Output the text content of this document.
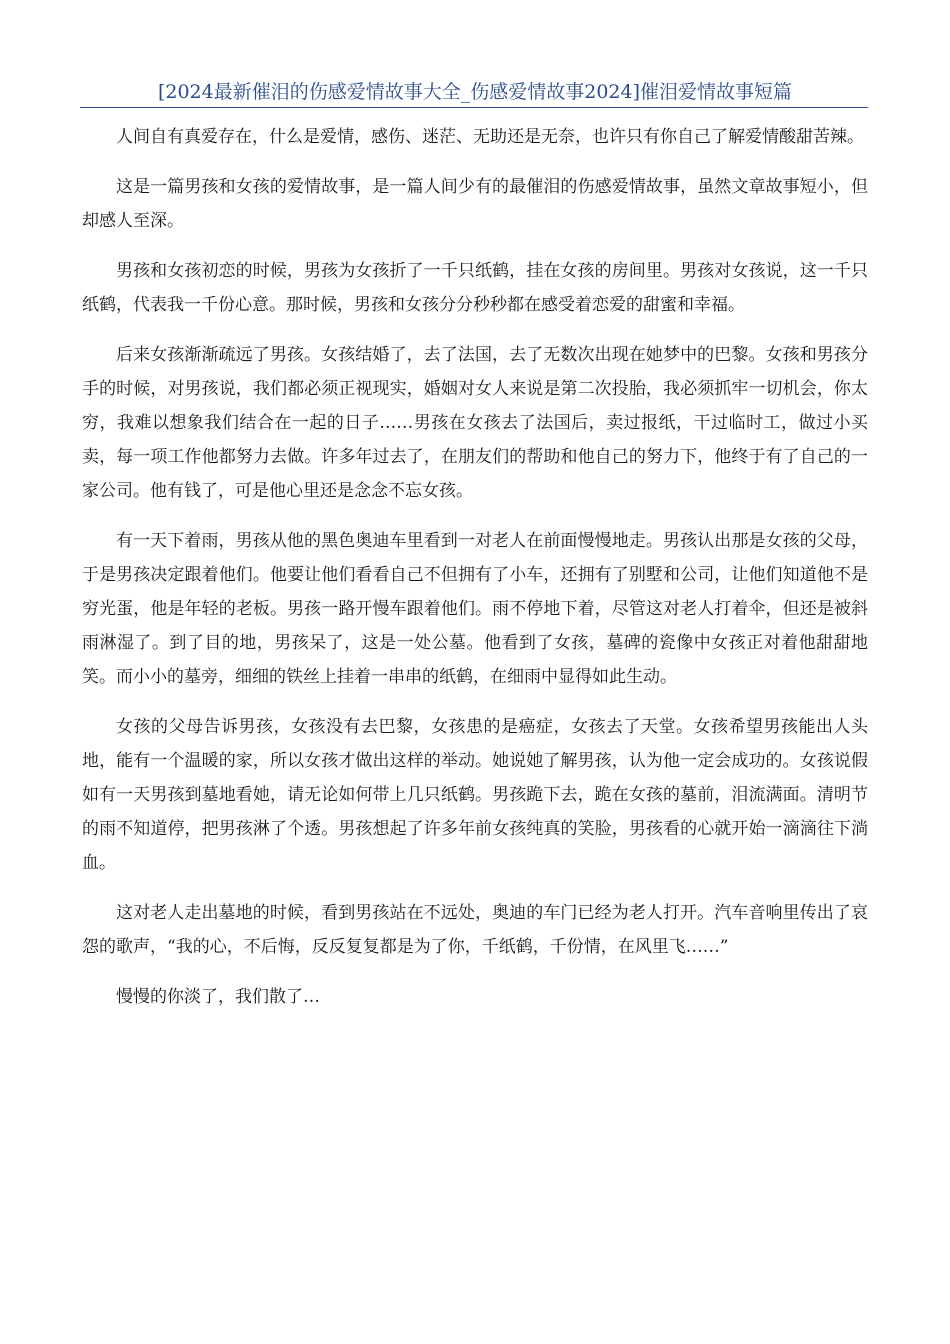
[2024最新催泪的伤感爱情故事大全_伤感爱情故事2024]催泪爱情故事短篇

人间自有真爱存在，什么是爱情，感伤、迷茫、无助还是无奈，也许只有你自己了解爱情酸甜苦辣。

这是一篇男孩和女孩的爱情故事，是一篇人间少有的最催泪的伤感爱情故事，虽然文章故事短小，但却感人至深。

男孩和女孩初恋的时候，男孩为女孩折了一千只纸鹤，挂在女孩的房间里。男孩对女孩说，这一千只纸鹤，代表我一千份心意。那时候，男孩和女孩分分秒秒都在感受着恋爱的甜蜜和幸福。

后来女孩渐渐疏远了男孩。女孩结婚了，去了法国，去了无数次出现在她梦中的巴黎。女孩和男孩分手的时候，对男孩说，我们都必须正视现实，婚姻对女人来说是第二次投胎，我必须抓牢一切机会，你太穷，我难以想象我们结合在一起的日子……男孩在女孩去了法国后，卖过报纸，干过临时工，做过小买卖，每一项工作他都努力去做。许多年过去了，在朋友们的帮助和他自己的努力下，他终于有了自己的一家公司。他有钱了，可是他心里还是念念不忘女孩。

有一天下着雨，男孩从他的黑色奥迪车里看到一对老人在前面慢慢地走。男孩认出那是女孩的父母，于是男孩决定跟着他们。他要让他们看看自己不但拥有了小车，还拥有了别墅和公司，让他们知道他不是穷光蛋，他是年轻的老板。男孩一路开慢车跟着他们。雨不停地下着，尽管这对老人打着伞，但还是被斜雨淋湿了。到了目的地，男孩呆了，这是一处公墓。他看到了女孩，墓碑的瓷像中女孩正对着他甜甜地笑。而小小的墓旁，细细的铁丝上挂着一串串的纸鹤，在细雨中显得如此生动。

女孩的父母告诉男孩，女孩没有去巴黎，女孩患的是癌症，女孩去了天堂。女孩希望男孩能出人头地，能有一个温暖的家，所以女孩才做出这样的举动。她说她了解男孩，认为他一定会成功的。女孩说假如有一天男孩到墓地看她，请无论如何带上几只纸鹤。男孩跪下去，跪在女孩的墓前，泪流满面。清明节的雨不知道停，把男孩淋了个透。男孩想起了许多年前女孩纯真的笑脸，男孩看的心就开始一滴滴往下淌血。

这对老人走出墓地的时候，看到男孩站在不远处，奥迪的车门已经为老人打开。汽车音响里传出了哀怨的歌声，“我的心，不后悔，反反复复都是为了你，千纸鹤，千份情，在风里飞……”

慢慢的你淡了，我们散了…
